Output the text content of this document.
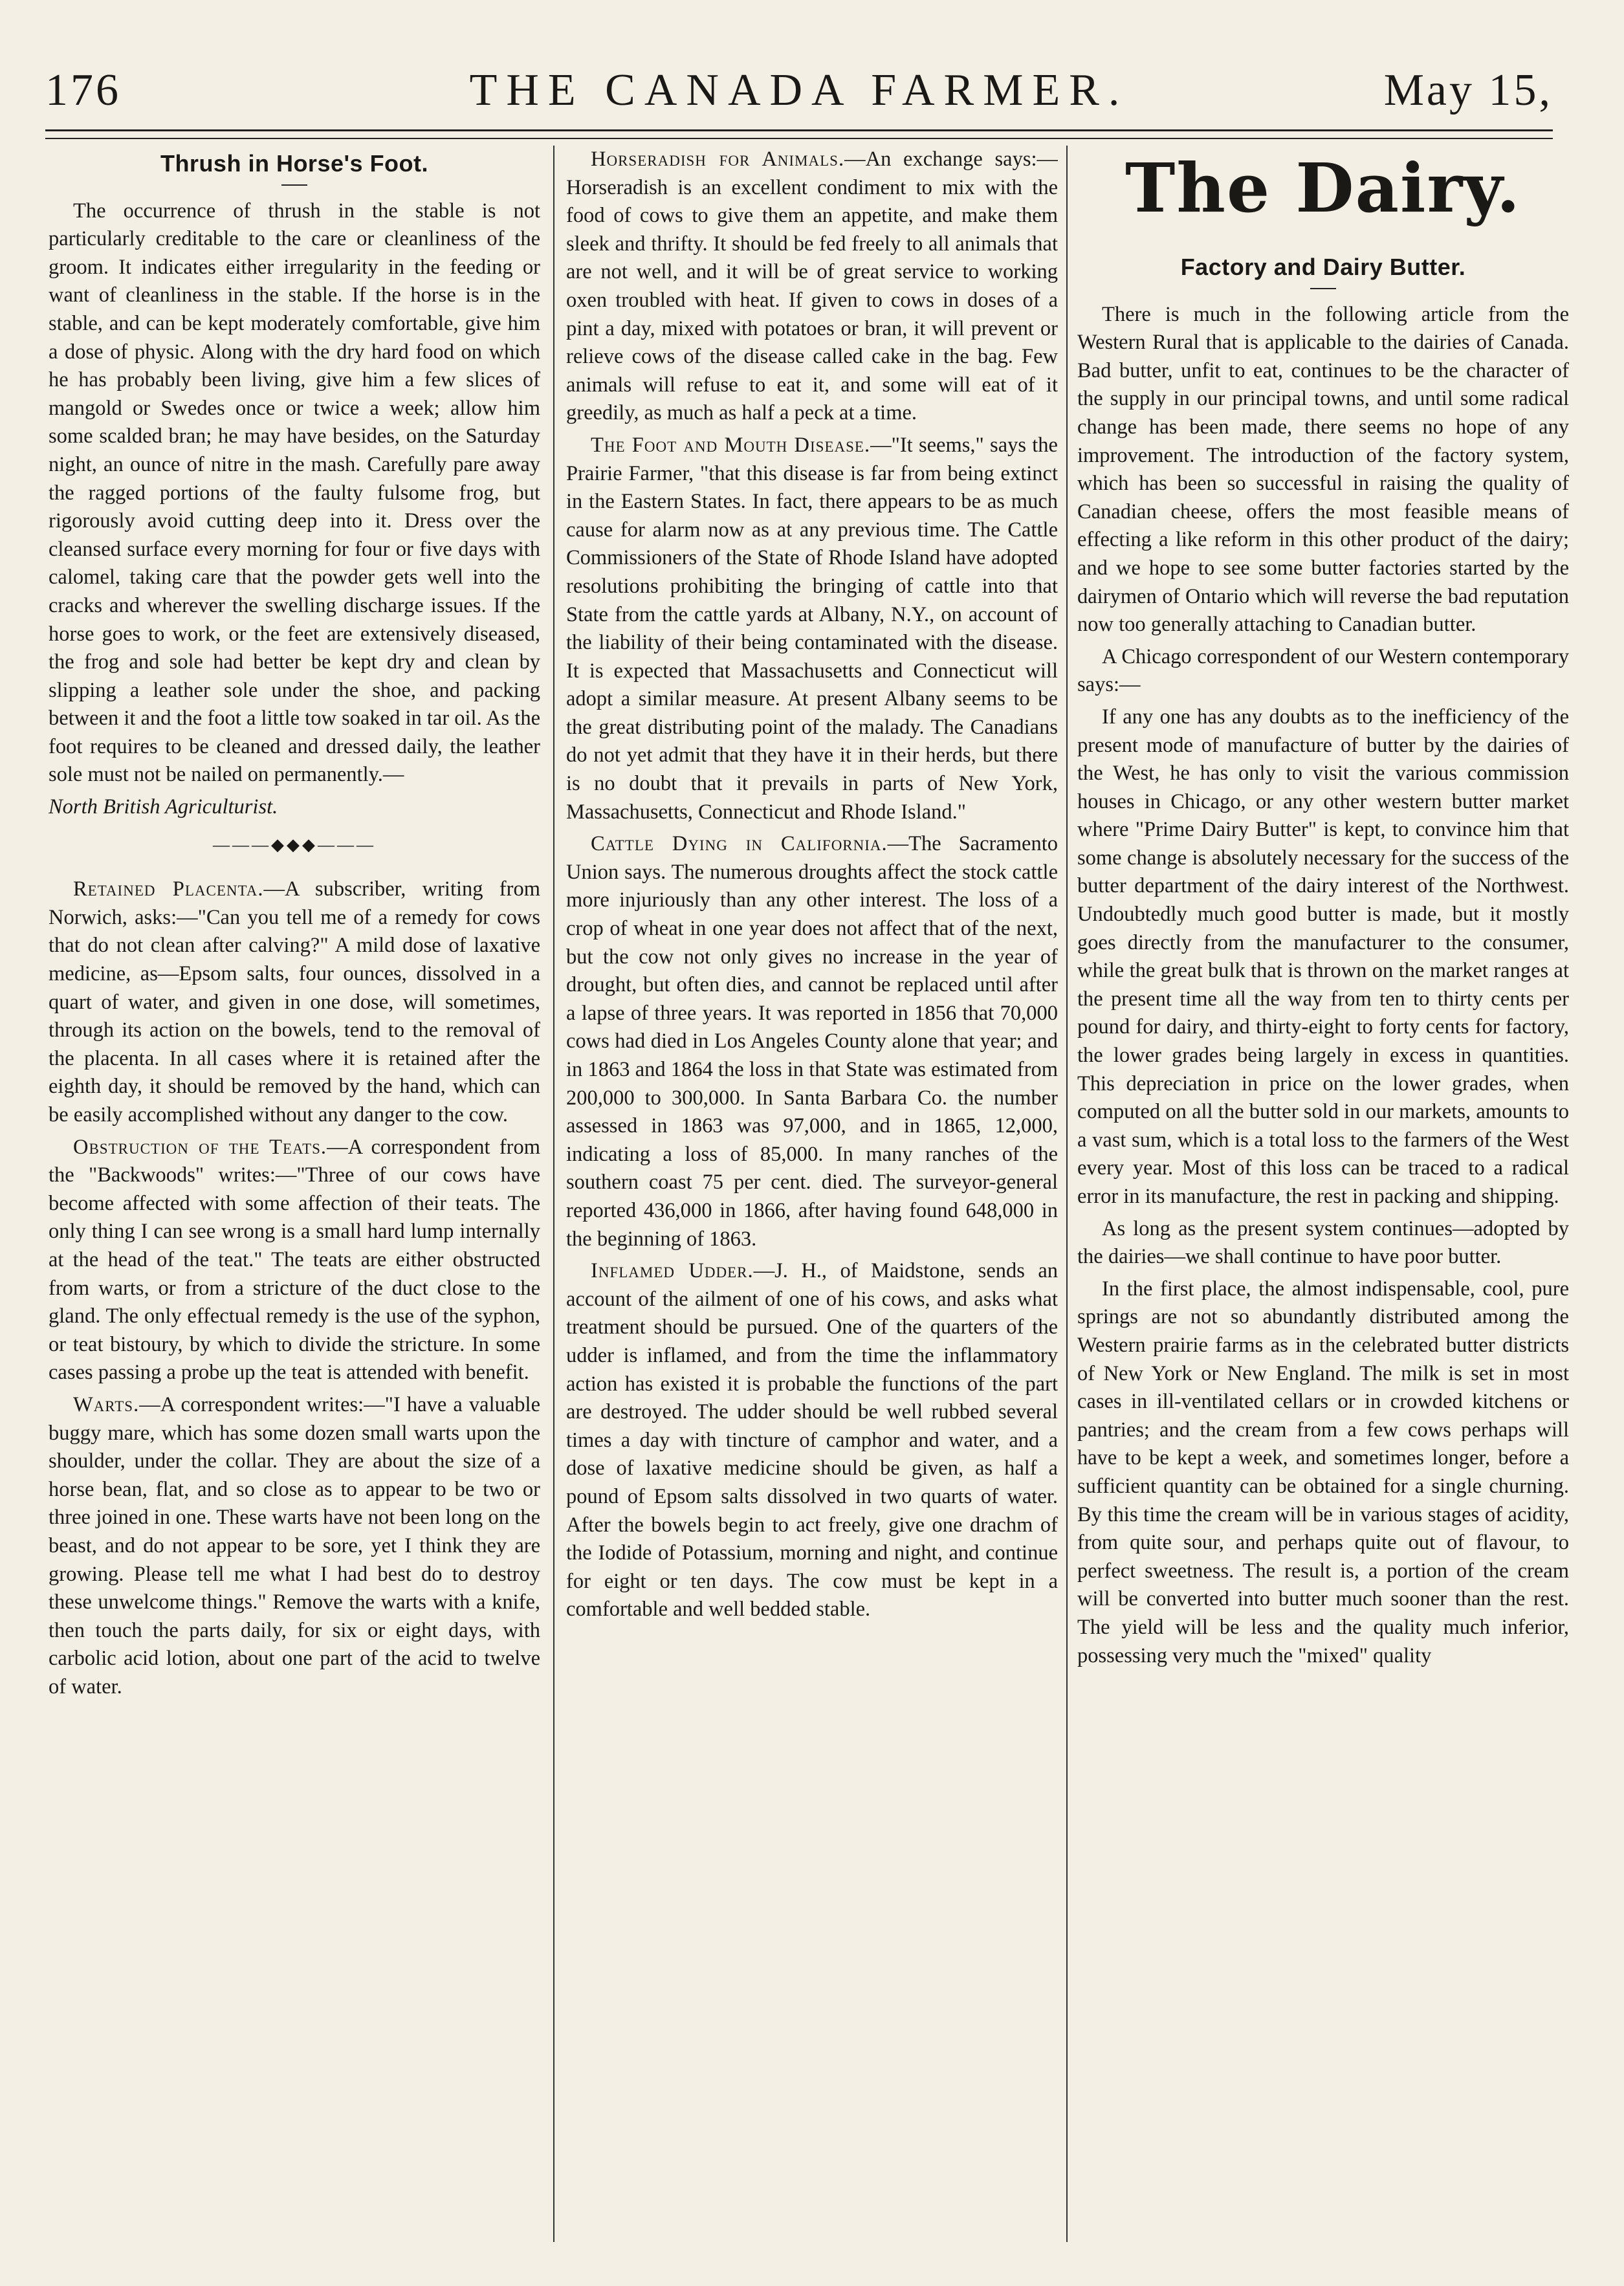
176	THE CANADA FARMER.	May 15,
Thrush in Horse's Foot.

The occurrence of thrush in the stable is not particularly creditable to the care or cleanliness of the groom. It indicates either irregularity in the feeding or want of cleanliness in the stable. If the horse is in the stable, and can be kept moderately comfortable, give him a dose of physic. Along with the dry hard food on which he has probably been living, give him a few slices of mangold or Swedes once or twice a week; allow him some scalded bran; he may have besides, on the Saturday night, an ounce of nitre in the mash. Carefully pare away the ragged portions of the faulty fulsome frog, but rigorously avoid cutting deep into it. Dress over the cleansed surface every morning for four or five days with calomel, taking care that the powder gets well into the cracks and wherever the swelling discharge issues. If the horse goes to work, or the feet are extensively diseased, the frog and sole had better be kept dry and clean by slipping a leather sole under the shoe, and packing between it and the foot a little tow soaked in tar oil. As the foot requires to be cleaned and dressed daily, the leather sole must not be nailed on permanently.—

North British Agriculturist.

———◆◆◆———

Retained Placenta.—A subscriber, writing from Norwich, asks:—"Can you tell me of a remedy for cows that do not clean after calving?" A mild dose of laxative medicine, as—Epsom salts, four ounces, dissolved in a quart of water, and given in one dose, will sometimes, through its action on the bowels, tend to the removal of the placenta. In all cases where it is retained after the eighth day, it should be removed by the hand, which can be easily accomplished without any danger to the cow.

Obstruction of the Teats.—A correspondent from the "Backwoods" writes:—"Three of our cows have become affected with some affection of their teats. The only thing I can see wrong is a small hard lump internally at the head of the teat." The teats are either obstructed from warts, or from a stricture of the duct close to the gland. The only effectual remedy is the use of the syphon, or teat bistoury, by which to divide the stricture. In some cases passing a probe up the teat is attended with benefit.

Warts.—A correspondent writes:—"I have a valuable buggy mare, which has some dozen small warts upon the shoulder, under the collar. They are about the size of a horse bean, flat, and so close as to appear to be two or three joined in one. These warts have not been long on the beast, and do not appear to be sore, yet I think they are growing. Please tell me what I had best do to destroy these unwelcome things." Remove the warts with a knife, then touch the parts daily, for six or eight days, with carbolic acid lotion, about one part of the acid to twelve of water.

Horseradish for Animals.—An exchange says:—Horseradish is an excellent condiment to mix with the food of cows to give them an appetite, and make them sleek and thrifty. It should be fed freely to all animals that are not well, and it will be of great service to working oxen troubled with heat. If given to cows in doses of a pint a day, mixed with potatoes or bran, it will prevent or relieve cows of the disease called cake in the bag. Few animals will refuse to eat it, and some will eat of it greedily, as much as half a peck at a time.

The Foot and Mouth Disease.—"It seems," says the Prairie Farmer, "that this disease is far from being extinct in the Eastern States. In fact, there appears to be as much cause for alarm now as at any previous time. The Cattle Commissioners of the State of Rhode Island have adopted resolutions prohibiting the bringing of cattle into that State from the cattle yards at Albany, N.Y., on account of the liability of their being contaminated with the disease. It is expected that Massachusetts and Connecticut will adopt a similar measure. At present Albany seems to be the great distributing point of the malady. The Canadians do not yet admit that they have it in their herds, but there is no doubt that it prevails in parts of New York, Massachusetts, Connecticut and Rhode Island."

Cattle Dying in California.—The Sacramento Union says. The numerous droughts affect the stock cattle more injuriously than any other interest. The loss of a crop of wheat in one year does not affect that of the next, but the cow not only gives no increase in the year of drought, but often dies, and cannot be replaced until after a lapse of three years. It was reported in 1856 that 70,000 cows had died in Los Angeles County alone that year; and in 1863 and 1864 the loss in that State was estimated from 200,000 to 300,000. In Santa Barbara Co. the number assessed in 1863 was 97,000, and in 1865, 12,000, indicating a loss of 85,000. In many ranches of the southern coast 75 per cent. died. The surveyor-general reported 436,000 in 1866, after having found 648,000 in the beginning of 1863.

Inflamed Udder.—J. H., of Maidstone, sends an account of the ailment of one of his cows, and asks what treatment should be pursued. One of the quarters of the udder is inflamed, and from the time the inflammatory action has existed it is probable the functions of the part are destroyed. The udder should be well rubbed several times a day with tincture of camphor and water, and a dose of laxative medicine should be given, as half a pound of Epsom salts dissolved in two quarts of water. After the bowels begin to act freely, give one drachm of the Iodide of Potassium, morning and night, and continue for eight or ten days. The cow must be kept in a comfortable and well bedded stable.

The Dairy.
Factory and Dairy Butter.

There is much in the following article from the Western Rural that is applicable to the dairies of Canada. Bad butter, unfit to eat, continues to be the character of the supply in our principal towns, and until some radical change has been made, there seems no hope of any improvement. The introduction of the factory system, which has been so successful in raising the quality of Canadian cheese, offers the most feasible means of effecting a like reform in this other product of the dairy; and we hope to see some butter factories started by the dairymen of Ontario which will reverse the bad reputation now too generally attaching to Canadian butter.

A Chicago correspondent of our Western contemporary says:—

If any one has any doubts as to the inefficiency of the present mode of manufacture of butter by the dairies of the West, he has only to visit the various commission houses in Chicago, or any other western butter market where "Prime Dairy Butter" is kept, to convince him that some change is absolutely necessary for the success of the butter department of the dairy interest of the Northwest. Undoubtedly much good butter is made, but it mostly goes directly from the manufacturer to the consumer, while the great bulk that is thrown on the market ranges at the present time all the way from ten to thirty cents per pound for dairy, and thirty-eight to forty cents for factory, the lower grades being largely in excess in quantities. This depreciation in price on the lower grades, when computed on all the butter sold in our markets, amounts to a vast sum, which is a total loss to the farmers of the West every year. Most of this loss can be traced to a radical error in its manufacture, the rest in packing and shipping.

As long as the present system continues—adopted by the dairies—we shall continue to have poor butter.

In the first place, the almost indispensable, cool, pure springs are not so abundantly distributed among the Western prairie farms as in the celebrated butter districts of New York or New England. The milk is set in most cases in ill-ventilated cellars or in crowded kitchens or pantries; and the cream from a few cows perhaps will have to be kept a week, and sometimes longer, before a sufficient quantity can be obtained for a single churning. By this time the cream will be in various stages of acidity, from quite sour, and perhaps quite out of flavour, to perfect sweetness. The result is, a portion of the cream will be converted into butter much sooner than the rest. The yield will be less and the quality much inferior, possessing very much the "mixed" quality
